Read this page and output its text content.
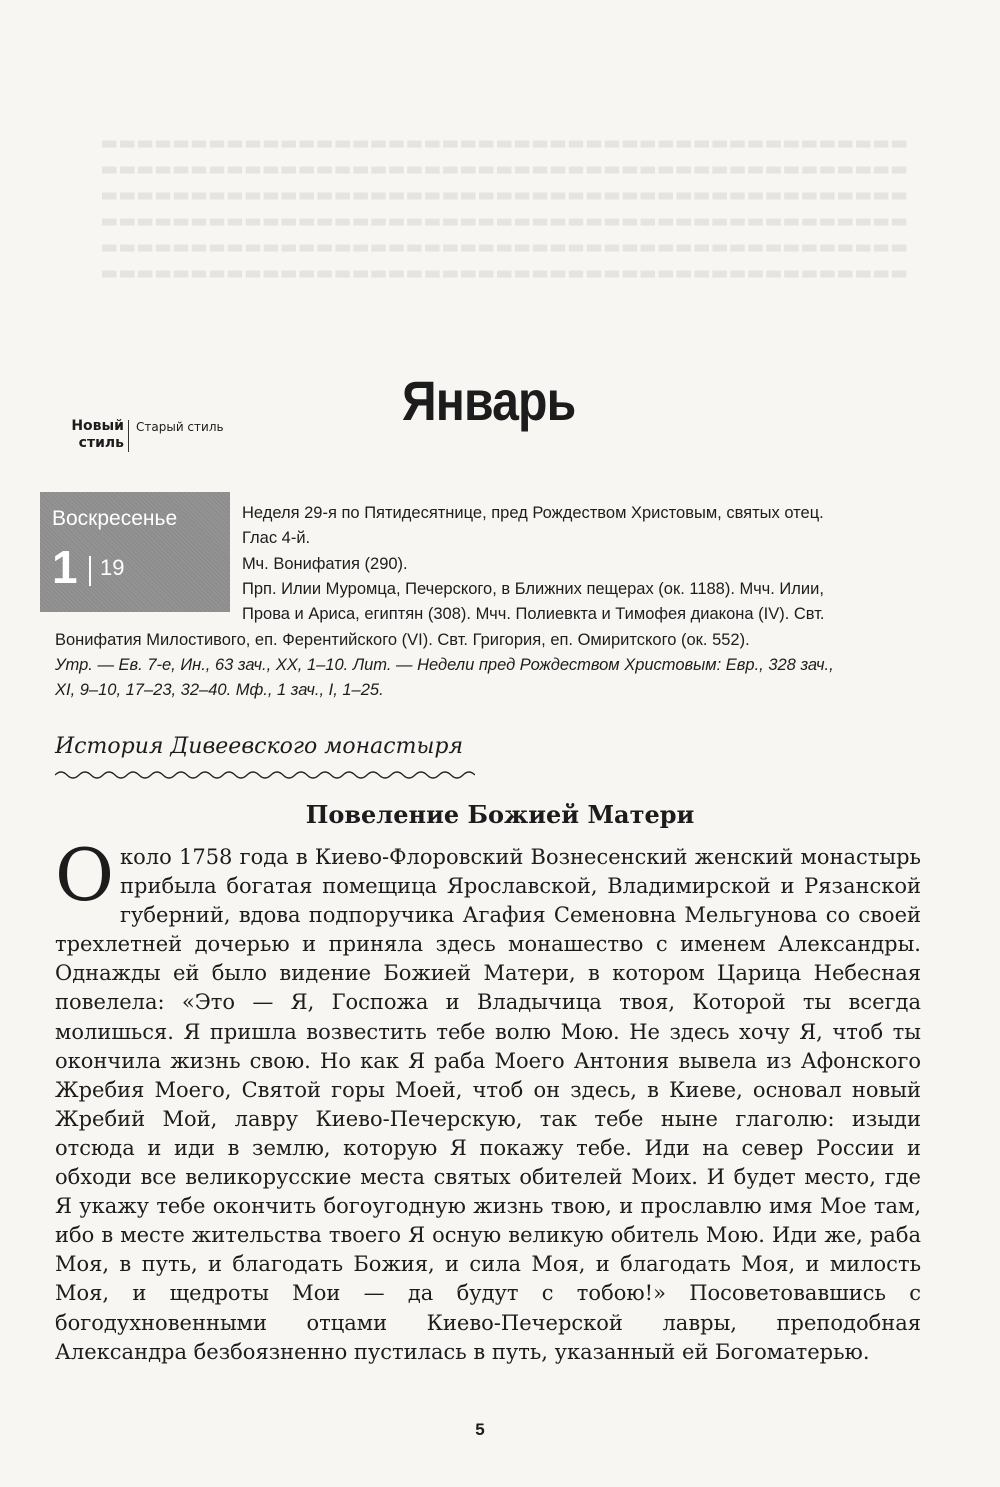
▬▬▬▬▬▬▬▬▬▬▬▬▬▬▬▬▬▬▬▬▬▬▬▬▬▬▬▬▬▬▬▬▬▬▬▬▬▬▬▬▬▬▬▬▬
▬▬▬▬▬▬▬▬▬▬▬▬▬▬▬▬▬▬▬▬▬▬▬▬▬▬▬▬▬▬▬▬▬▬▬▬▬▬▬▬▬▬▬▬▬
▬▬▬▬▬▬▬▬▬▬▬▬▬▬▬▬▬▬▬▬▬▬▬▬▬▬▬▬▬▬▬▬▬▬▬▬▬▬▬▬▬▬▬▬▬
▬▬▬▬▬▬▬▬▬▬▬▬▬▬▬▬▬▬▬▬▬▬▬▬▬▬▬▬▬▬▬▬▬▬▬▬▬▬▬▬▬▬▬▬▬
▬▬▬▬▬▬▬▬▬▬▬▬▬▬▬▬▬▬▬▬▬▬▬▬▬▬▬▬▬▬▬▬▬▬▬▬▬▬▬▬▬▬▬▬▬
▬▬▬▬▬▬▬▬▬▬▬▬▬▬▬▬▬▬▬▬▬▬▬▬▬▬▬▬▬▬▬▬▬▬▬▬▬▬▬▬▬▬▬▬▬
Январь
Новый стиль
Старый стиль
Воскресенье
1 19

Неделя 29-я по Пятидесятнице, пред Рождеством Христовым, святых отец.

Глас 4-й.

Мч. Вонифатия (290).

Прп. Илии Муромца, Печерского, в Ближних пещерах (ок. 1188). Мчч. Илии,

Прова и Ариса, египтян (308). Мчч. Полиевкта и Тимофея диакона (IV). Свт.

Вонифатия Милостивого, еп. Ферентийского (VI). Свт. Григория, еп. Омиритского (ок. 552).

Утр. — Ев. 7-е, Ин., 63 зач., XX, 1–10. Лит. — Недели пред Рождеством Христовым: Евр., 328 зач.,

XI, 9–10, 17–23, 32–40. Мф., 1 зач., I, 1–25.

История Дивеевского монастыря
Повеление Божией Матери

Около 1758 года в Киево-Флоровский Вознесенский женский монастырь прибыла богатая помещица Ярославской, Владимирской и Рязанской губерний, вдова подпоручика Агафия Семеновна Мельгунова со своей трехлетней дочерью и приняла здесь монашество с именем Александры. Однажды ей было видение Божией Матери, в котором Царица Небесная повелела: «Это — Я, Госпожа и Владычица твоя, Которой ты всегда молишься. Я пришла возвестить тебе волю Мою. Не здесь хочу Я, чтоб ты окончила жизнь свою. Но как Я раба Моего Антония вывела из Афонского Жребия Моего, Святой горы Моей, чтоб он здесь, в Киеве, основал новый Жребий Мой, лавру Киево-Печерскую, так тебе ныне глаголю: изыди отсюда и иди в землю, которую Я покажу тебе. Иди на север России и обходи все великорусские места святых обителей Моих. И будет место, где Я укажу тебе окончить богоугодную жизнь твою, и прославлю имя Мое там, ибо в месте жительства твоего Я осную великую обитель Мою. Иди же, раба Моя, в путь, и благодать Божия, и сила Моя, и благодать Моя, и милость Моя, и щедроты Мои — да будут с тобою!» Посоветовавшись с богодухновенными отцами Киево-Печерской лавры, преподобная Александра безбоязненно пустилась в путь, указанный ей Богоматерью.

5
